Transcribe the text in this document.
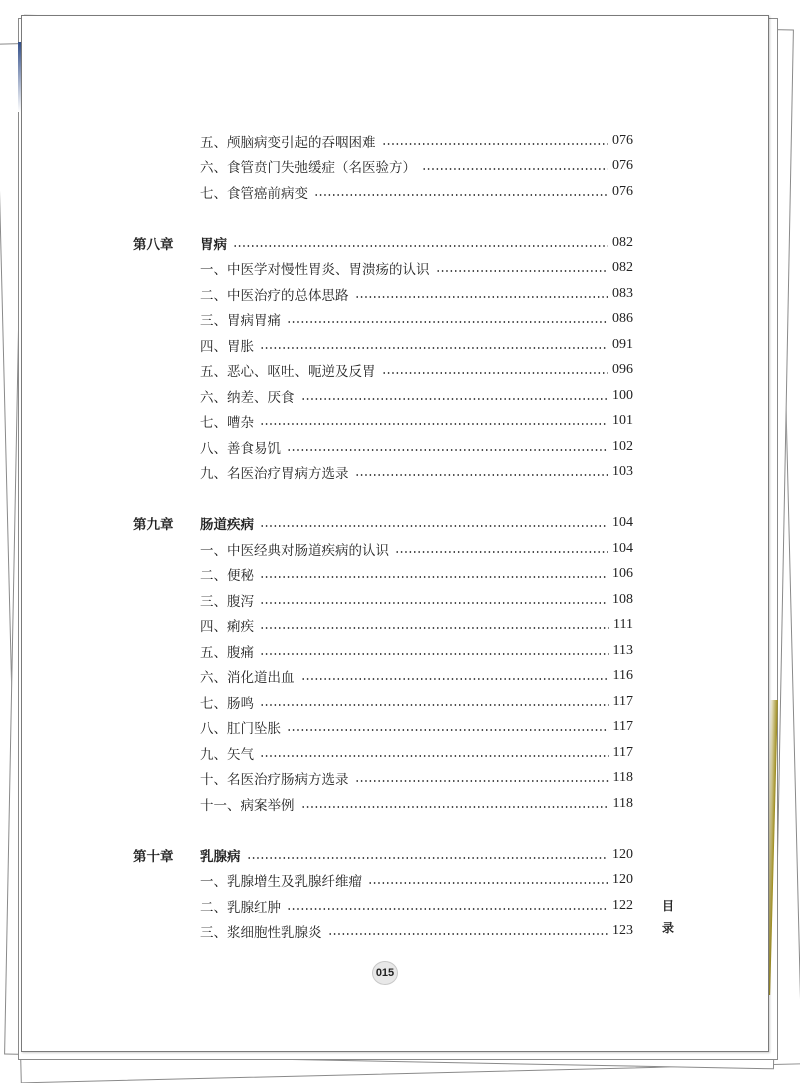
五、颅脑病变引起的吞咽困难	076
六、食管贲门失弛缓症（名医验方）	076
七、食管癌前病变	076
第八章	胃病	082
一、中医学对慢性胃炎、胃溃疡的认识	082
二、中医治疗的总体思路	083
三、胃病胃痛	086
四、胃胀	091
五、恶心、呕吐、呃逆及反胃	096
六、纳差、厌食	100
七、嘈杂	101
八、善食易饥	102
九、名医治疗胃病方选录	103
第九章	肠道疾病	104
一、中医经典对肠道疾病的认识	104
二、便秘	106
三、腹泻	108
四、痢疾	111
五、腹痛	113
六、消化道出血	116
七、肠鸣	117
八、肛门坠胀	117
九、矢气	117
十、名医治疗肠病方选录	118
十一、病案举例	118
第十章	乳腺病	120
一、乳腺增生及乳腺纤维瘤	120
二、乳腺红肿	122
三、浆细胞性乳腺炎	123
目
录
015
